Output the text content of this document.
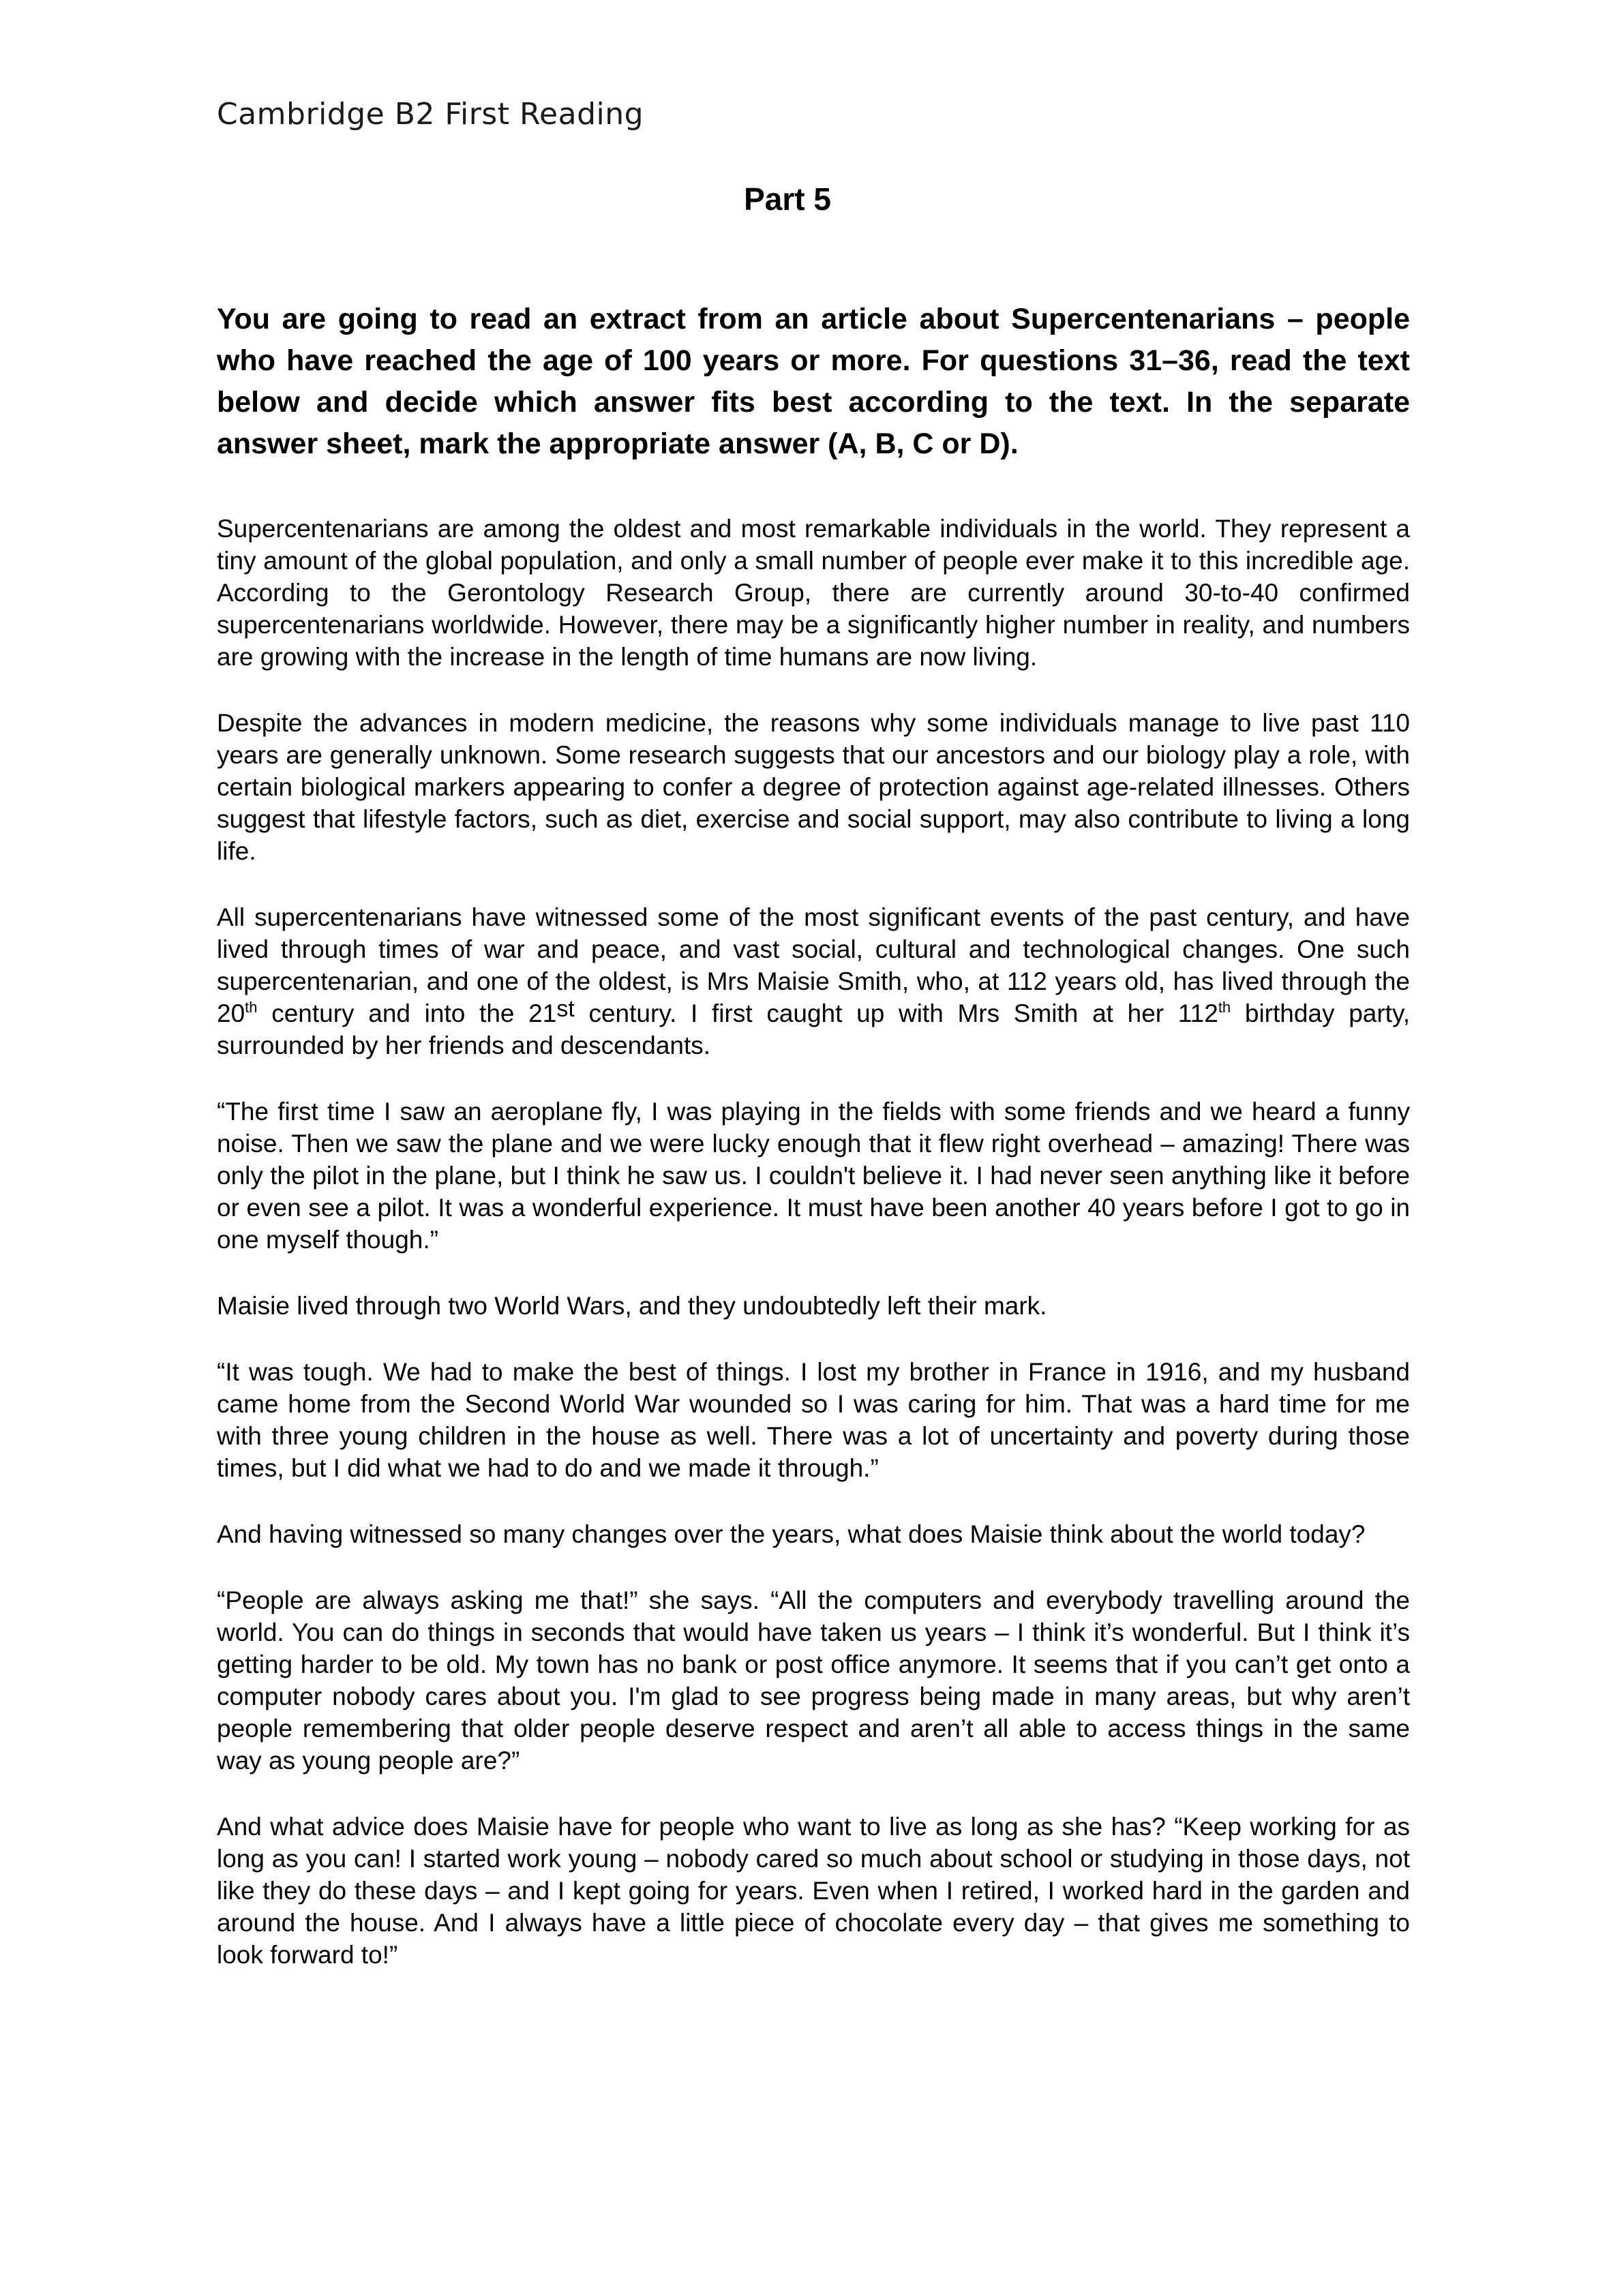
Cambridge B2 First Reading
Part 5
You are going to read an extract from an article about Supercentenarians – people who have reached the age of 100 years or more. For questions 31–36, read the text below and decide which answer fits best according to the text. In the separate answer sheet, mark the appropriate answer (A, B, C or D).

Supercentenarians are among the oldest and most remarkable individuals in the world. They represent a tiny amount of the global population, and only a small number of people ever make it to this incredible age. According to the Gerontology Research Group, there are currently around 30-to-40 confirmed supercentenarians worldwide. However, there may be a significantly higher number in reality, and numbers are growing with the increase in the length of time humans are now living.

Despite the advances in modern medicine, the reasons why some individuals manage to live past 110 years are generally unknown. Some research suggests that our ancestors and our biology play a role, with certain biological markers appearing to confer a degree of protection against age-related illnesses. Others suggest that lifestyle factors, such as diet, exercise and social support, may also contribute to living a long life.

All supercentenarians have witnessed some of the most significant events of the past century, and have lived through times of war and peace, and vast social, cultural and technological changes. One such supercentenarian, and one of the oldest, is Mrs Maisie Smith, who, at 112 years old, has lived through the 20th century and into the 21st century. I first caught up with Mrs Smith at her 112th birthday party, surrounded by her friends and descendants.

“The first time I saw an aeroplane fly, I was playing in the fields with some friends and we heard a funny noise. Then we saw the plane and we were lucky enough that it flew right overhead – amazing! There was only the pilot in the plane, but I think he saw us. I couldn't believe it. I had never seen anything like it before or even see a pilot. It was a wonderful experience. It must have been another 40 years before I got to go in one myself though.”

Maisie lived through two World Wars, and they undoubtedly left their mark.

“It was tough. We had to make the best of things. I lost my brother in France in 1916, and my husband came home from the Second World War wounded so I was caring for him. That was a hard time for me with three young children in the house as well. There was a lot of uncertainty and poverty during those times, but I did what we had to do and we made it through.”

And having witnessed so many changes over the years, what does Maisie think about the world today?

“People are always asking me that!” she says. “All the computers and everybody travelling around the world. You can do things in seconds that would have taken us years – I think it’s wonderful. But I think it’s getting harder to be old. My town has no bank or post office anymore. It seems that if you can’t get onto a computer nobody cares about you. I'm glad to see progress being made in many areas, but why aren’t people remembering that older people deserve respect and aren’t all able to access things in the same way as young people are?”

And what advice does Maisie have for people who want to live as long as she has? “Keep working for as long as you can! I started work young – nobody cared so much about school or studying in those days, not like they do these days – and I kept going for years. Even when I retired, I worked hard in the garden and around the house. And I always have a little piece of chocolate every day – that gives me something to look forward to!”
